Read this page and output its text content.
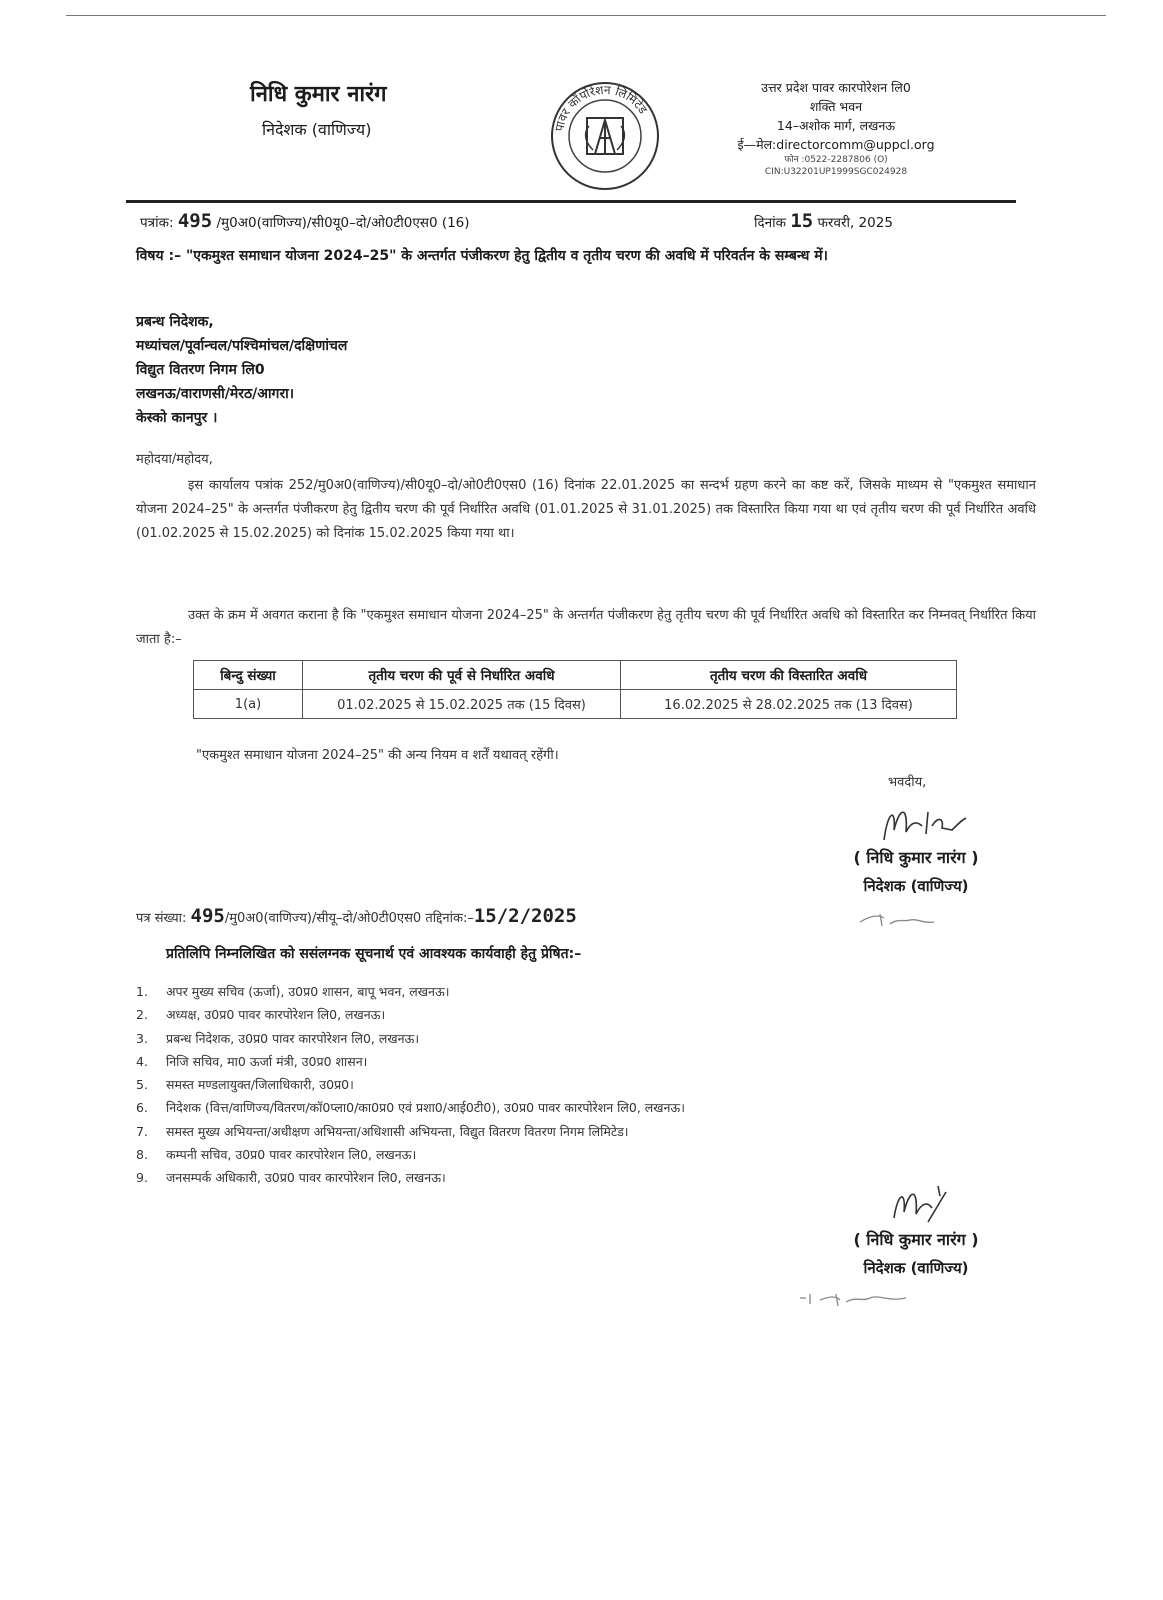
निधि कुमार नारंग
निदेशक (वाणिज्य)	पावर कॉर्पोरेशन लिमिटेड
उत्तर प्रदेश पावर कारपोरेशन लि0
शक्ति भवन
14–अशोक मार्ग, लखनऊ
ई—मेल:directorcomm@uppcl.org
फोन :0522-2287806 (O)
CIN:U32201UP1999SGC024928
पत्रांक: 495 /मु0अ0(वाणिज्य)/सी0यू0–दो/ओ0टी0एस0 (16)	दिनांक 15 फरवरी, 2025
विषय :– "एकमुश्त समाधान योजना 2024–25" के अन्तर्गत पंजीकरण हेतु द्वितीय व तृतीय चरण की अवधि में परिवर्तन के सम्बन्ध में।
प्रबन्ध निदेशक,
मध्यांचल/पूर्वान्चल/पश्चिमांचल/दक्षिणांचल
विद्युत वितरण निगम लि0
लखनऊ/वाराणसी/मेरठ/आगरा।
केस्को कानपुर ।
महोदया/महोदय,
इस कार्यालय पत्रांक 252/मु0अ0(वाणिज्य)/सी0यू0–दो/ओ0टी0एस0 (16) दिनांक 22.01.2025 का सन्दर्भ ग्रहण करने का कष्ट करें, जिसके माध्यम से "एकमुश्त समाधान योजना 2024–25" के अन्तर्गत पंजीकरण हेतु द्वितीय चरण की पूर्व निर्धारित अवधि (01.01.2025 से 31.01.2025) तक विस्तारित किया गया था एवं तृतीय चरण की पूर्व निर्धारित अवधि (01.02.2025 से 15.02.2025) को दिनांक 15.02.2025 किया गया था।
उक्त के क्रम में अवगत कराना है कि "एकमुश्त समाधान योजना 2024–25" के अन्तर्गत पंजीकरण हेतु तृतीय चरण की पूर्व निर्धारित अवधि को विस्तारित कर निम्नवत् निर्धारित किया जाता है:–
बिन्दु संख्या	तृतीय चरण की पूर्व से निर्धारित अवधि	तृतीय चरण की विस्तारित अवधि
1(a)	01.02.2025 से 15.02.2025 तक (15 दिवस)	16.02.2025 से 28.02.2025 तक (13 दिवस)
"एकमुश्त समाधान योजना 2024–25" की अन्य नियम व शर्तें यथावत् रहेंगी।
भवदीय,
( निधि कुमार नारंग )
निदेशक (वाणिज्य)
पत्र संख्या: 495/मु0अ0(वाणिज्य)/सीयू–दो/ओ0टी0एस0 तद्दिनांक:–15/2/2025
प्रतिलिपि निम्नलिखित को ससंलग्नक सूचनार्थ एवं आवश्यक कार्यवाही हेतु प्रेषित:–
1. अपर मुख्य सचिव (ऊर्जा), उ0प्र0 शासन, बापू भवन, लखनऊ।
2. अध्यक्ष, उ0प्र0 पावर कारपोरेशन लि0, लखनऊ।
3. प्रबन्ध निदेशक, उ0प्र0 पावर कारपोरेशन लि0, लखनऊ।
4. निजि सचिव, मा0 ऊर्जा मंत्री, उ0प्र0 शासन।
5. समस्त मण्डलायुक्त/जिलाधिकारी, उ0प्र0।
6. निदेशक (वित्त/वाणिज्य/वितरण/कॉ0प्ला0/का0प्र0 एवं प्रशा0/आई0टी0), उ0प्र0 पावर कारपोरेशन लि0, लखनऊ।
7. समस्त मुख्य अभियन्ता/अधीक्षण अभियन्ता/अधिशासी अभियन्ता, विद्युत वितरण वितरण निगम लिमिटेड।
8. कम्पनी सचिव, उ0प्र0 पावर कारपोरेशन लि0, लखनऊ।
9. जनसम्पर्क अधिकारी, उ0प्र0 पावर कारपोरेशन लि0, लखनऊ।
( निधि कुमार नारंग )
निदेशक (वाणिज्य)
